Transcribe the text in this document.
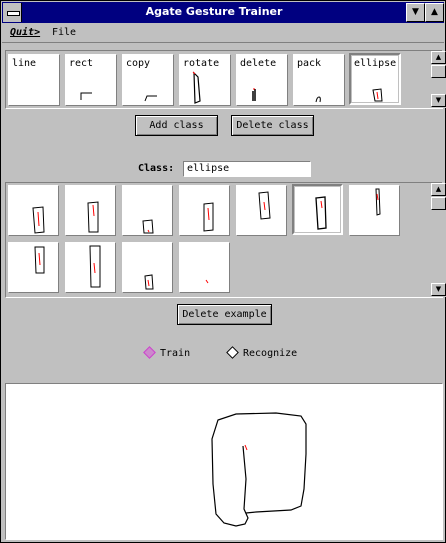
Agate Gesture Trainer	▼	▲
Quit> File
line	rect	copy	rotate delete pack	ellipse
▲
▼
Add class	Delete class
Class:	ellipse
▲
▼
Delete example
Train	Recognize
